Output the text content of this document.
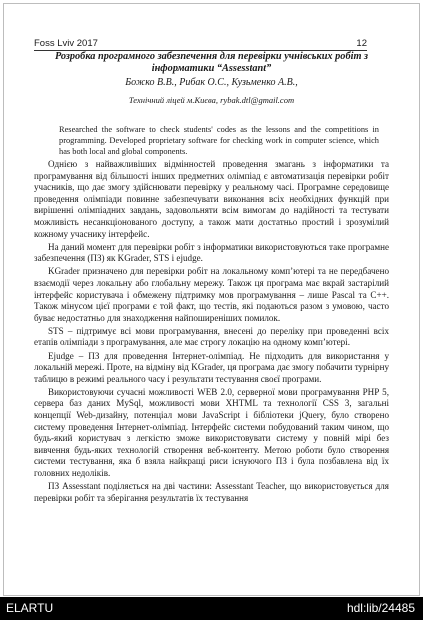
Foss Lviv 2017	12
Розробка програмного забезпечення для перевірки учнівських робіт з інформатики “Assesstant”
Божко В.В., Рибак О.С., Кузьменко А.В.,
Технічний ліцей м.Києва, rybak.dtl@gmail.com
Researched the software to check students' codes as the lessons and the competitions in programming. Developed proprietary software for checking work in computer science, which has both local and global components.

Однією з найважливіших відмінностей проведення змагань з інформатики та програмування від більшості інших предметних олімпіад є автоматизація перевірки робіт учасників, що дає змогу здійснювати перевірку у реальному часі. Програмне середовище проведення олімпіади повинне забезпечувати виконання всіх необхідних функцій при вирішенні олімпіадних завдань, задовольняти всім вимогам до надійності та тестувати можливість несанкціонованого доступу, а також мати достатньо простий і зрозумілий кожному учаснику інтерфейс.

На даний момент для перевірки робіт з інформатики використовуються такe програмне забезпечення (ПЗ) як KGrader, STS і ejudge.

KGrader призначено для перевірки робіт на локальному комп’ютері та не передбачено взаємодії через локальну або глобальну мережу. Також ця програма має вкрай застарілий інтерфейс користувача і обмежену підтримку мов програмування – лише Pascal та C++. Також мінусом цієї програми є той факт, що тестів, які подаються разом з умовою, часто буває недостатньо для знаходження найпоширеніших помилок.

STS – підтримує всі мови програмування, внесені до переліку при проведенні всіх етапів олімпіади з програмування, але має строгу локацію на одному комп’ютері.

Ejudge – ПЗ для проведення Інтернет-олімпіад. Не підходить для використання у локальній мережі. Проте, на відміну від KGrader, ця програма дає змогу побачити турнірну таблицю в режимі реального часу і результати тестування своєї програми.

Використовуючи сучасні можливості WEB 2.0, серверної мови програмування PHP 5, сервера баз даних MySql, можливості мови XHTML та технології CSS 3, загальні концепції Web-дизайну, потенціал мови JavaScript і бібліотеки jQuery, було створено систему проведення Інтернет-олімпіад. Інтерфейс системи побудований таким чином, що будь-який користувач з легкістю зможе використовувати систему у повній мірі без вивчення будь-яких технологій створення веб-контенту. Метою роботи було створення системи тестування, яка б взяла найкращі риси існуючого ПЗ і була позбавлена від їх головних недоліків.

ПЗ Assesstant поділяється на дві частини: Assesstant Teacher, що використовується для перевірки робіт та зберігання результатів їх тестування

ELARTU	hdl:lib/24485
